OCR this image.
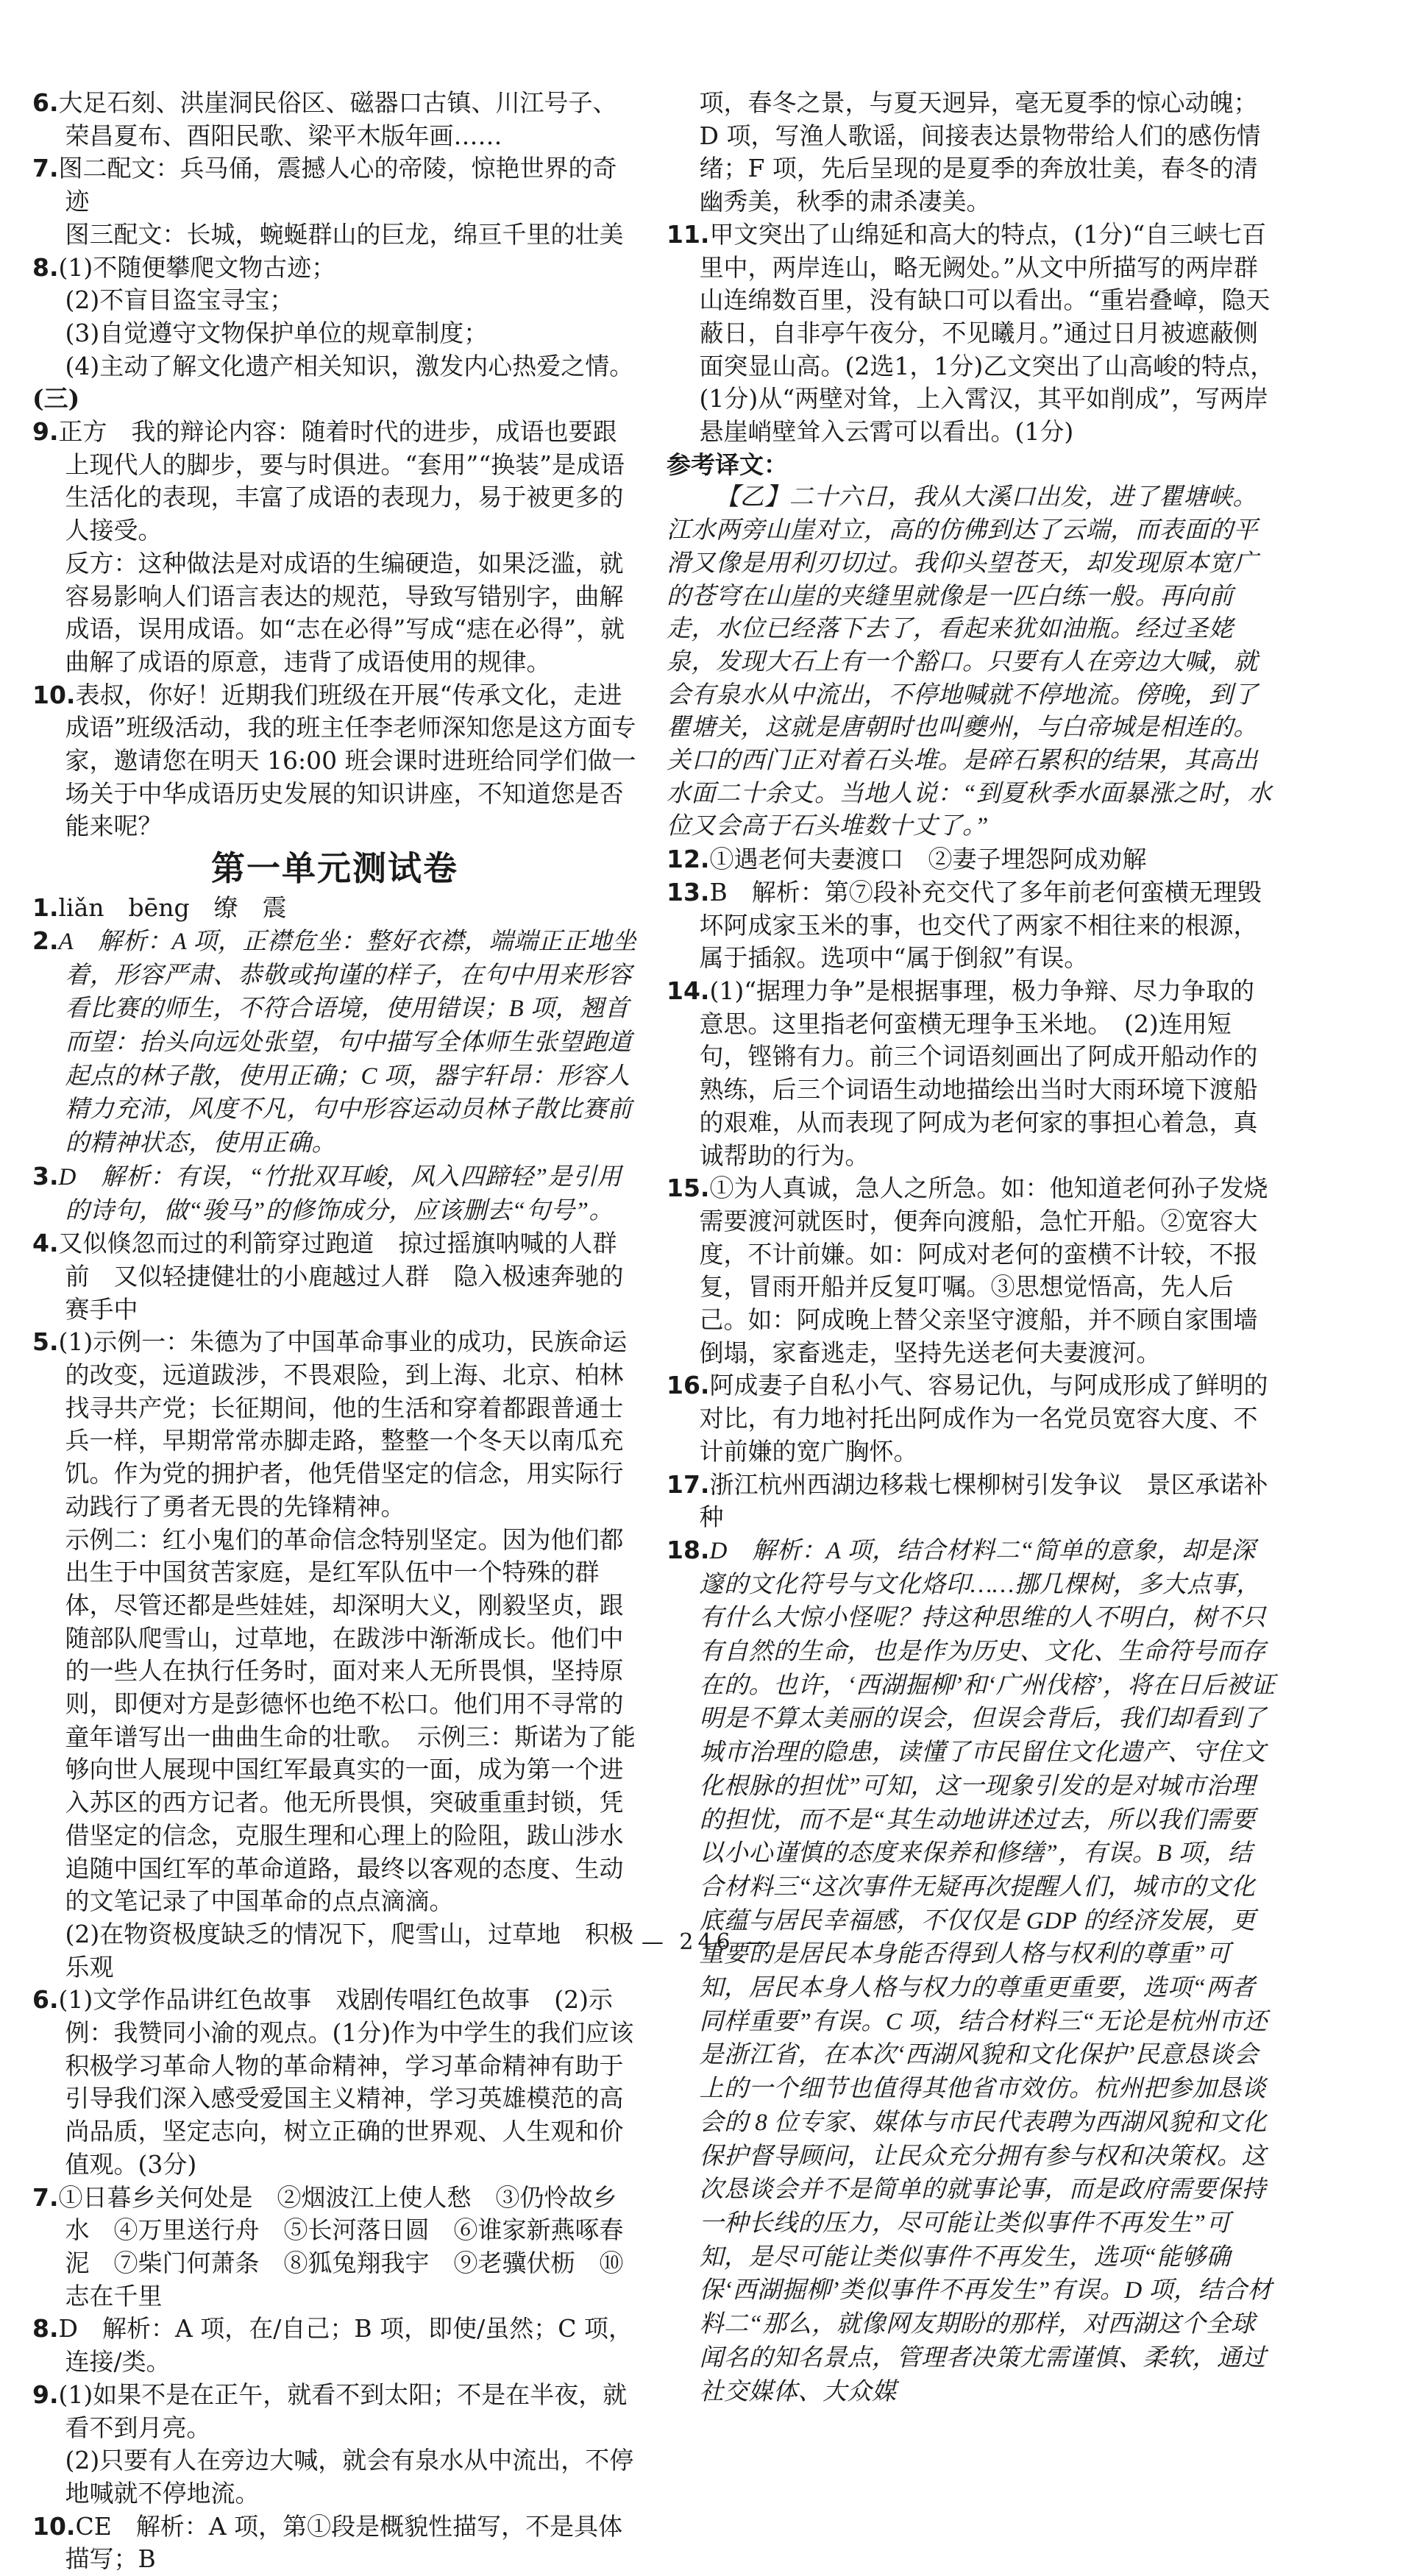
6.大足石刻、洪崖洞民俗区、磁器口古镇、川江号子、荣昌夏布、酉阳民歌、梁平木版年画……
7.图二配文：兵马俑，震撼人心的帝陵，惊艳世界的奇迹
图三配文：长城，蜿蜒群山的巨龙，绵亘千里的壮美
8.(1)不随便攀爬文物古迹；
(2)不盲目盗宝寻宝；
(3)自觉遵守文物保护单位的规章制度；
(4)主动了解文化遗产相关知识，激发内心热爱之情。
(三)
9.正方　我的辩论内容：随着时代的进步，成语也要跟上现代人的脚步，要与时俱进。“套用”“换装”是成语生活化的表现，丰富了成语的表现力，易于被更多的人接受。
反方：这种做法是对成语的生编硬造，如果泛滥，就容易影响人们语言表达的规范，导致写错别字，曲解成语，误用成语。如“志在必得”写成“痣在必得”，就曲解了成语的原意，违背了成语使用的规律。
10.表叔，你好！近期我们班级在开展“传承文化，走进成语”班级活动，我的班主任李老师深知您是这方面专家，邀请您在明天 16:00 班会课时进班给同学们做一场关于中华成语历史发展的知识讲座，不知道您是否能来呢？
第一单元测试卷
1.liǎn　bēng　缭　震
2.A　解析：A 项，正襟危坐：整好衣襟，端端正正地坐着，形容严肃、恭敬或拘谨的样子，在句中用来形容看比赛的师生，不符合语境，使用错误；B 项，翘首而望：抬头向远处张望，句中描写全体师生张望跑道起点的林子散，使用正确；C 项，器宇轩昂：形容人精力充沛，风度不凡，句中形容运动员林子散比赛前的精神状态，使用正确。
3.D　解析：有误，“竹批双耳峻，风入四蹄轻”是引用的诗句，做“骏马”的修饰成分，应该删去“句号”。
4.又似倏忽而过的利箭穿过跑道　掠过摇旗呐喊的人群前　又似轻捷健壮的小鹿越过人群　隐入极速奔驰的赛手中
5.(1)示例一：朱德为了中国革命事业的成功，民族命运的改变，远道跋涉，不畏艰险，到上海、北京、柏林找寻共产党；长征期间，他的生活和穿着都跟普通士兵一样，早期常常赤脚走路，整整一个冬天以南瓜充饥。作为党的拥护者，他凭借坚定的信念，用实际行动践行了勇者无畏的先锋精神。
示例二：红小鬼们的革命信念特别坚定。因为他们都出生于中国贫苦家庭，是红军队伍中一个特殊的群体，尽管还都是些娃娃，却深明大义，刚毅坚贞，跟随部队爬雪山，过草地，在跋涉中渐渐成长。他们中的一些人在执行任务时，面对来人无所畏惧，坚持原则，即便对方是彭德怀也绝不松口。他们用不寻常的童年谱写出一曲曲生命的壮歌。　示例三：斯诺为了能够向世人展现中国红军最真实的一面，成为第一个进入苏区的西方记者。他无所畏惧，突破重重封锁，凭借坚定的信念，克服生理和心理上的险阻，跋山涉水追随中国红军的革命道路，最终以客观的态度、生动的文笔记录了中国革命的点点滴滴。
(2)在物资极度缺乏的情况下，爬雪山，过草地　积极乐观
6.(1)文学作品讲红色故事　戏剧传唱红色故事　(2)示例：我赞同小渝的观点。(1分)作为中学生的我们应该积极学习革命人物的革命精神，学习革命精神有助于引导我们深入感受爱国主义精神，学习英雄模范的高尚品质，坚定志向，树立正确的世界观、人生观和价值观。(3分)
7.①日暮乡关何处是　②烟波江上使人愁　③仍怜故乡水　④万里送行舟　⑤长河落日圆　⑥谁家新燕啄春泥　⑦柴门何萧条　⑧狐兔翔我宇　⑨老骥伏枥　⑩志在千里
8.D　解析：A 项，在/自己；B 项，即使/虽然；C 项，连接/类。
9.(1)如果不是在正午，就看不到太阳；不是在半夜，就看不到月亮。
(2)只要有人在旁边大喊，就会有泉水从中流出，不停地喊就不停地流。
10.CE　解析：A 项，第①段是概貌性描写，不是具体描写；B
项，春冬之景，与夏天迥异，毫无夏季的惊心动魄；D 项，写渔人歌谣，间接表达景物带给人们的感伤情绪；F 项，先后呈现的是夏季的奔放壮美，春冬的清幽秀美，秋季的肃杀凄美。
11.甲文突出了山绵延和高大的特点，(1分)“自三峡七百里中，两岸连山，略无阙处。”从文中所描写的两岸群山连绵数百里，没有缺口可以看出。“重岩叠嶂，隐天蔽日，自非亭午夜分，不见曦月。”通过日月被遮蔽侧面突显山高。(2选1，1分)乙文突出了山高峻的特点，(1分)从“两壁对耸，上入霄汉，其平如削成”，写两岸悬崖峭壁耸入云霄可以看出。(1分)
参考译文：
【乙】二十六日，我从大溪口出发，进了瞿塘峡。江水两旁山崖对立，高的仿佛到达了云端，而表面的平滑又像是用利刃切过。我仰头望苍天，却发现原本宽广的苍穹在山崖的夹缝里就像是一匹白练一般。再向前走，水位已经落下去了，看起来犹如油瓶。经过圣姥泉，发现大石上有一个豁口。只要有人在旁边大喊，就会有泉水从中流出，不停地喊就不停地流。傍晚，到了瞿塘关，这就是唐朝时也叫夔州，与白帝城是相连的。关口的西门正对着石头堆。是碎石累积的结果，其高出水面二十余丈。当地人说：“到夏秋季水面暴涨之时，水位又会高于石头堆数十丈了。”
12.①遇老何夫妻渡口　②妻子埋怨阿成劝解
13.B　解析：第⑦段补充交代了多年前老何蛮横无理毁坏阿成家玉米的事，也交代了两家不相往来的根源，属于插叙。选项中“属于倒叙”有误。
14.(1)“据理力争”是根据事理，极力争辩、尽力争取的意思。这里指老何蛮横无理争玉米地。　(2)连用短句，铿锵有力。前三个词语刻画出了阿成开船动作的熟练，后三个词语生动地描绘出当时大雨环境下渡船的艰难，从而表现了阿成为老何家的事担心着急，真诚帮助的行为。
15.①为人真诚，急人之所急。如：他知道老何孙子发烧需要渡河就医时，便奔向渡船，急忙开船。②宽容大度，不计前嫌。如：阿成对老何的蛮横不计较，不报复，冒雨开船并反复叮嘱。③思想觉悟高，先人后己。如：阿成晚上替父亲坚守渡船，并不顾自家围墙倒塌，家畜逃走，坚持先送老何夫妻渡河。
16.阿成妻子自私小气、容易记仇，与阿成形成了鲜明的对比，有力地衬托出阿成作为一名党员宽容大度、不计前嫌的宽广胸怀。
17.浙江杭州西湖边移栽七棵柳树引发争议　景区承诺补种
18.D　解析：A 项，结合材料二“简单的意象，却是深邃的文化符号与文化烙印……挪几棵树，多大点事，有什么大惊小怪呢？持这种思维的人不明白，树不只有自然的生命，也是作为历史、文化、生命符号而存在的。也许，‘西湖掘柳’和‘广州伐榕’，将在日后被证明是不算太美丽的误会，但误会背后，我们却看到了城市治理的隐患，读懂了市民留住文化遗产、守住文化根脉的担忧”可知，这一现象引发的是对城市治理的担忧，而不是“其生动地讲述过去，所以我们需要以小心谨慎的态度来保养和修缮”，有误。B 项，结合材料三“这次事件无疑再次提醒人们，城市的文化底蕴与居民幸福感，不仅仅是 GDP 的经济发展，更重要的是居民本身能否得到人格与权利的尊重”可知，居民本身人格与权力的尊重更重要，选项“两者同样重要”有误。C 项，结合材料三“无论是杭州市还是浙江省，在本次‘西湖风貌和文化保护’民意恳谈会上的一个细节也值得其他省市效仿。杭州把参加恳谈会的 8 位专家、媒体与市民代表聘为西湖风貌和文化保护督导顾问，让民众充分拥有参与权和决策权。这次恳谈会并不是简单的就事论事，而是政府需要保持一种长线的压力，尽可能让类似事件不再发生”可知，是尽可能让类似事件不再发生，选项“能够确保‘西湖掘柳’类似事件不再发生”有误。D 项，结合材料二“那么，就像网友期盼的那样，对西湖这个全球闻名的知名景点，管理者决策尤需谨慎、柔软，通过社交媒体、大众媒
— 246 —
